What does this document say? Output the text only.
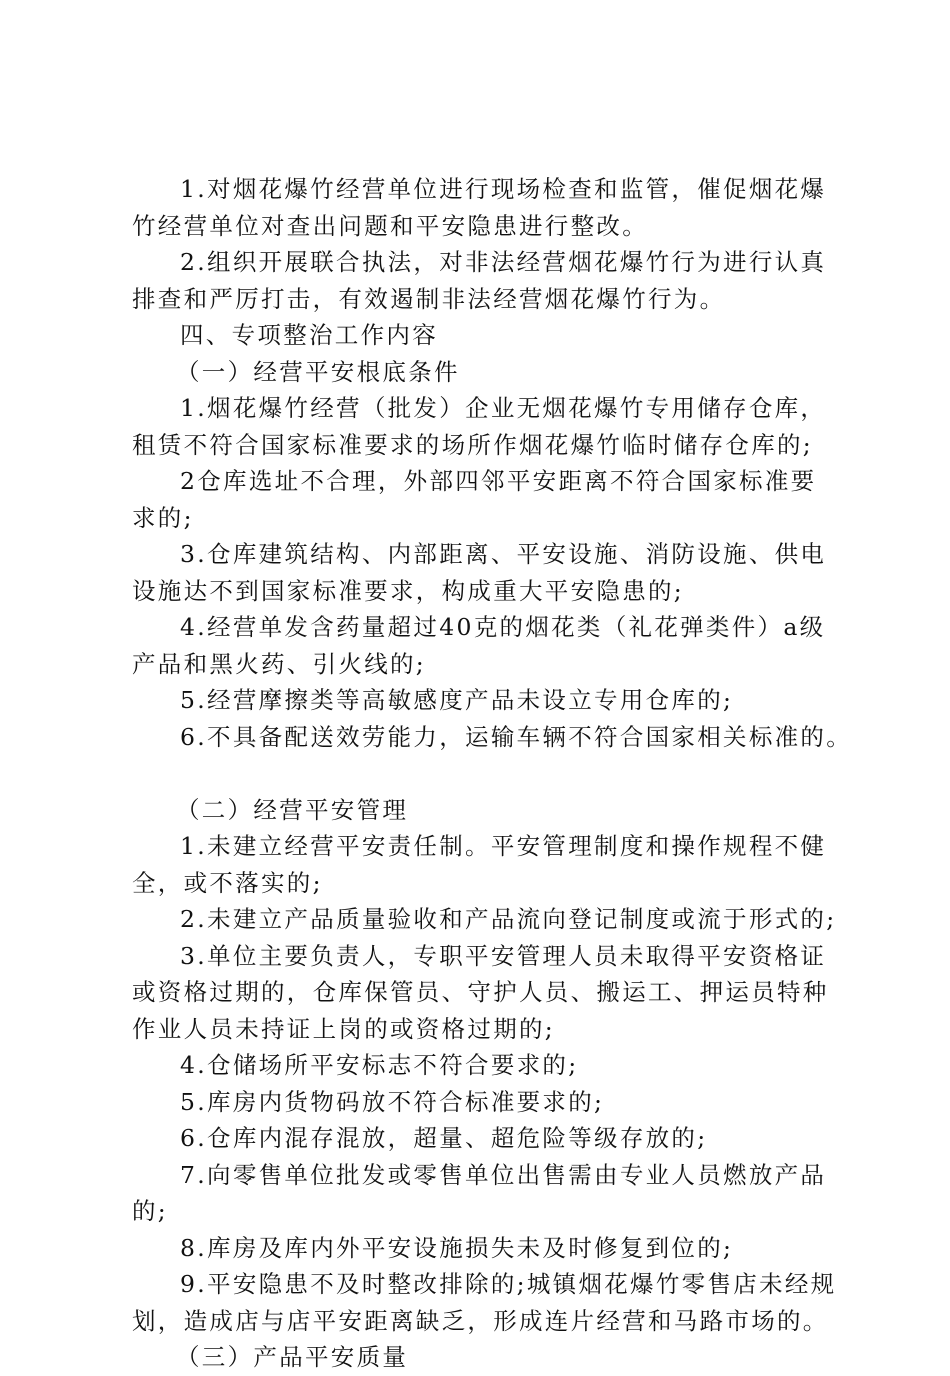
1.对烟花爆竹经营单位进行现场检查和监管，催促烟花爆
竹经营单位对查出问题和平安隐患进行整改。
2.组织开展联合执法，对非法经营烟花爆竹行为进行认真
排查和严厉打击，有效遏制非法经营烟花爆竹行为。
四、专项整治工作内容
（一）经营平安根底条件
1.烟花爆竹经营（批发）企业无烟花爆竹专用储存仓库，
租赁不符合国家标准要求的场所作烟花爆竹临时储存仓库的;
2仓库选址不合理，外部四邻平安距离不符合国家标准要
求的;
3.仓库建筑结构、内部距离、平安设施、消防设施、供电
设施达不到国家标准要求，构成重大平安隐患的;
4.经营单发含药量超过40克的烟花类（礼花弹类件）a级
产品和黑火药、引火线的;
5.经营摩擦类等高敏感度产品未设立专用仓库的;
6.不具备配送效劳能力，运输车辆不符合国家相关标准的。
（二）经营平安管理
1.未建立经营平安责任制。平安管理制度和操作规程不健
全，或不落实的;
2.未建立产品质量验收和产品流向登记制度或流于形式的;
3.单位主要负责人，专职平安管理人员未取得平安资格证
或资格过期的，仓库保管员、守护人员、搬运工、押运员特种
作业人员未持证上岗的或资格过期的;
4.仓储场所平安标志不符合要求的;
5.库房内货物码放不符合标准要求的;
6.仓库内混存混放，超量、超危险等级存放的;
7.向零售单位批发或零售单位出售需由专业人员燃放产品
的;
8.库房及库内外平安设施损失未及时修复到位的;
9.平安隐患不及时整改排除的;城镇烟花爆竹零售店未经规
划，造成店与店平安距离缺乏，形成连片经营和马路市场的。
（三）产品平安质量
